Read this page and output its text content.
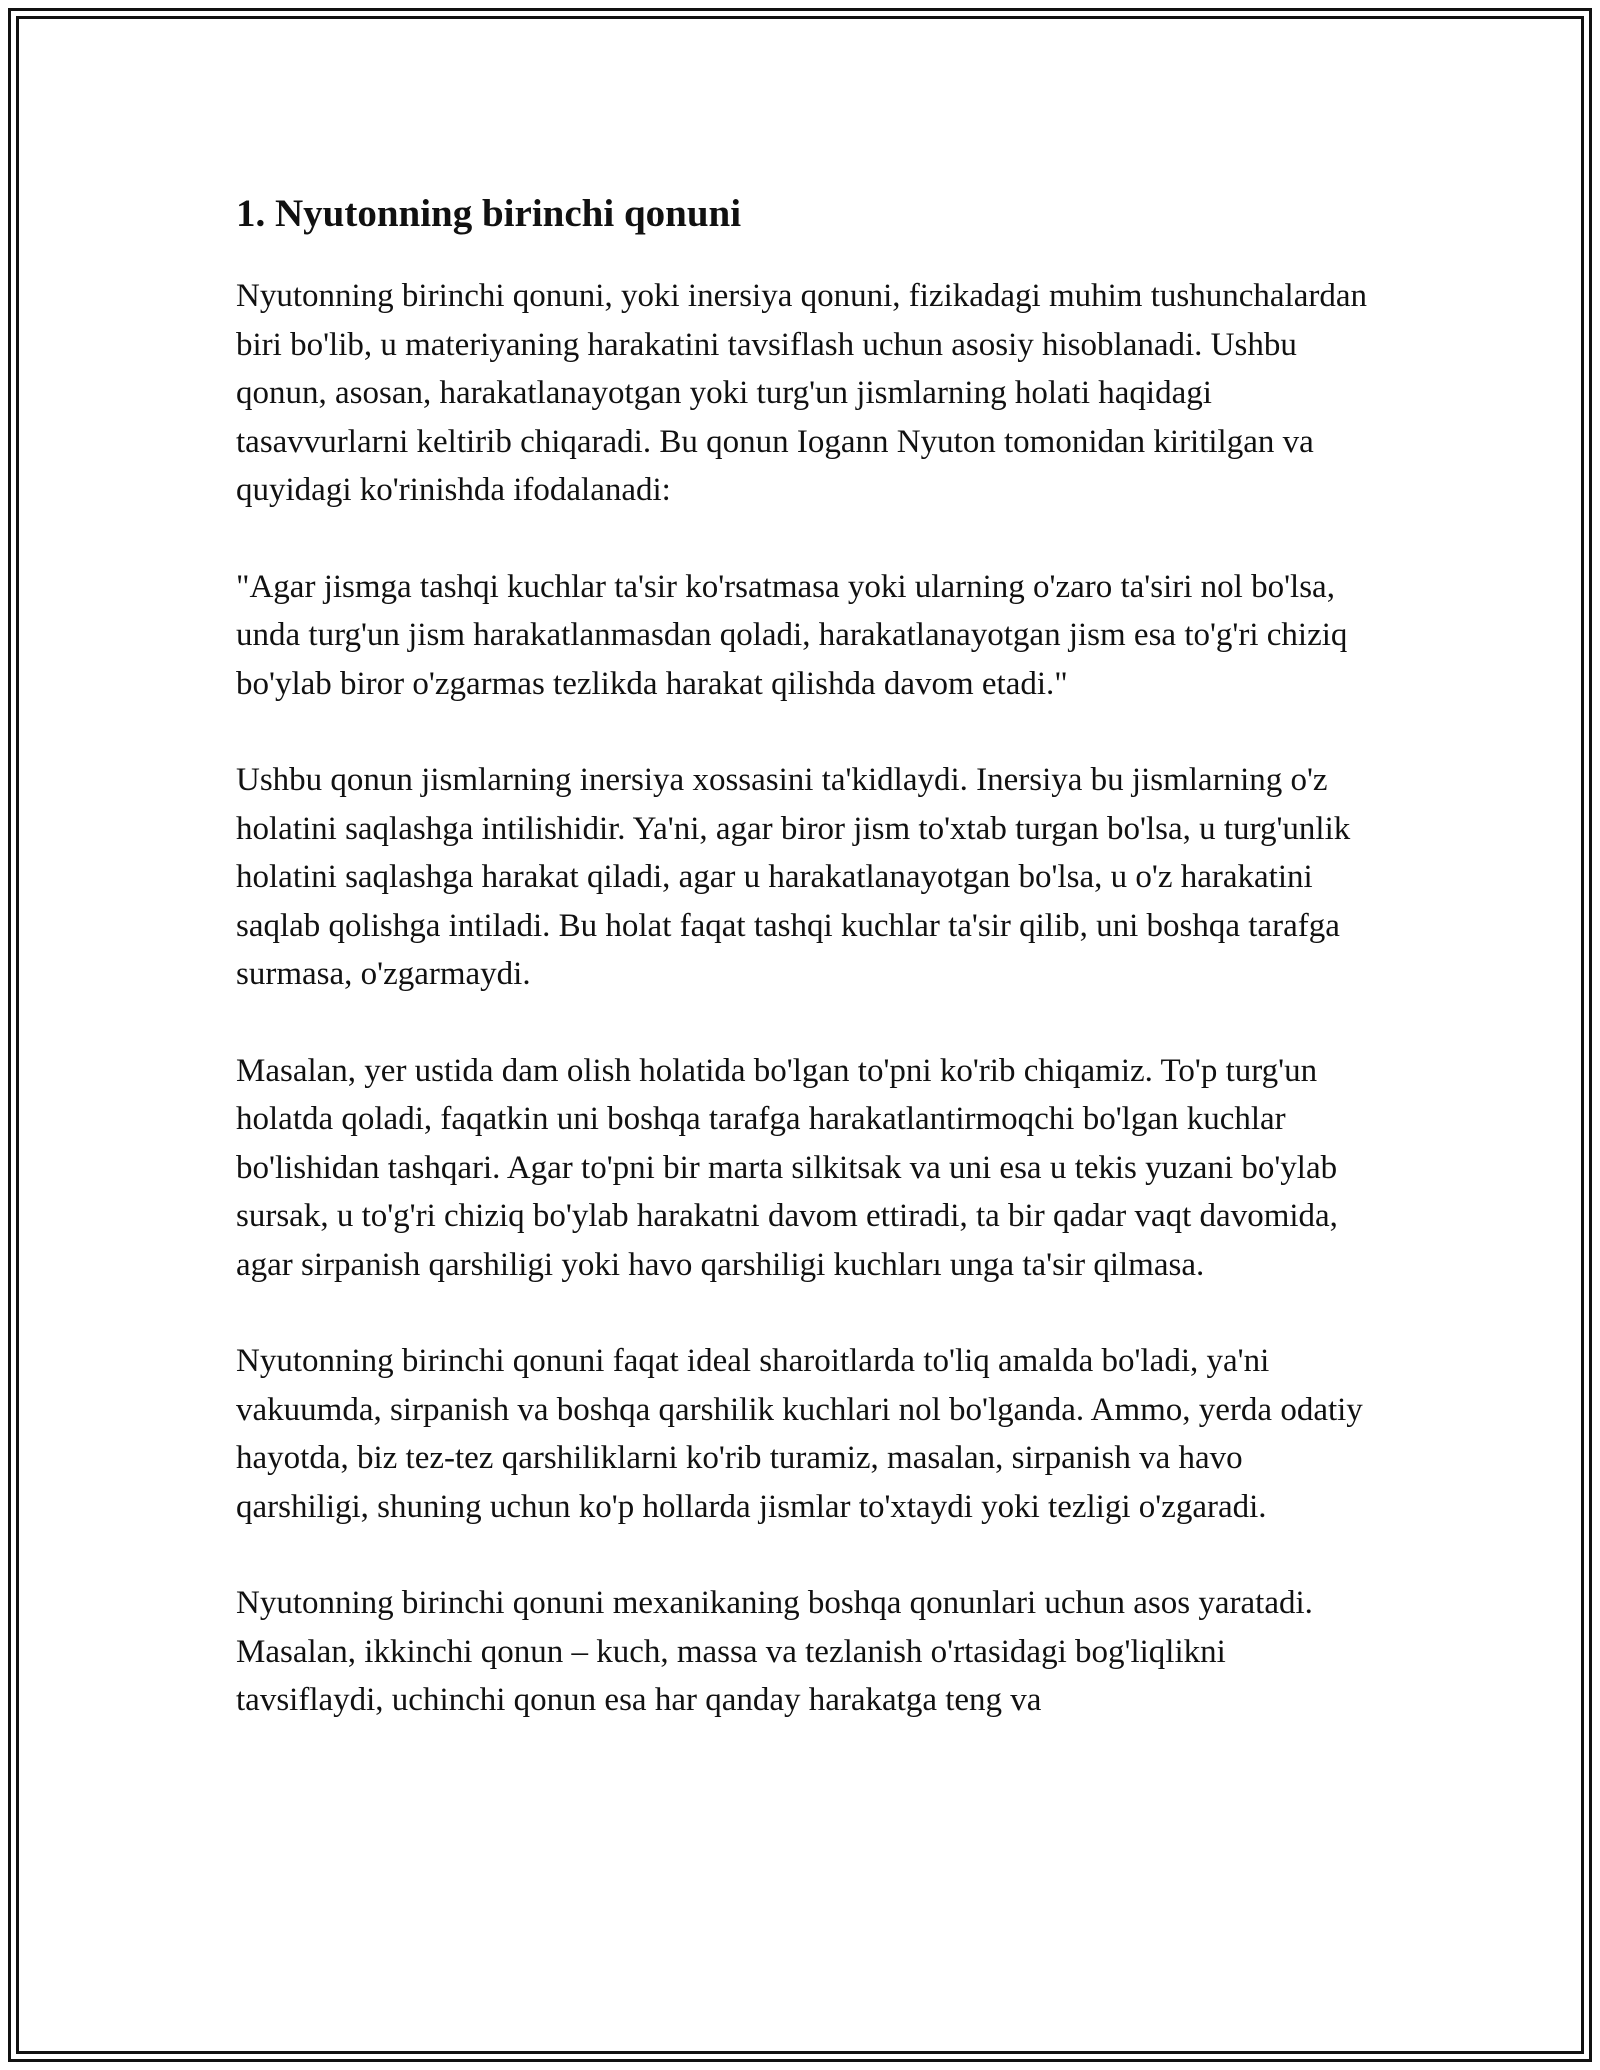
1. Nyutonning birinchi qonuni

Nyutonning birinchi qonuni, yoki inersiya qonuni, fizikadagi muhim tushunchalardan biri bo'lib, u materiyaning harakatini tavsiflash uchun asosiy hisoblanadi. Ushbu qonun, asosan, harakatlanayotgan yoki turg'un jismlarning holati haqidagi tasavvurlarni keltirib chiqaradi. Bu qonun Iogann Nyuton tomonidan kiritilgan va quyidagi ko'rinishda ifodalanadi:

"Agar jismga tashqi kuchlar ta'sir ko'rsatmasa yoki ularning o'zaro ta'siri nol bo'lsa, unda turg'un jism harakatlanmasdan qoladi, harakatlanayotgan jism esa to'g'ri chiziq bo'ylab biror o'zgarmas tezlikda harakat qilishda davom etadi."

Ushbu qonun jismlarning inersiya xossasini ta'kidlaydi. Inersiya bu jismlarning o'z holatini saqlashga intilishidir. Ya'ni, agar biror jism to'xtab turgan bo'lsa, u turg'unlik holatini saqlashga harakat qiladi, agar u harakatlanayotgan bo'lsa, u o'z harakatini saqlab qolishga intiladi. Bu holat faqat tashqi kuchlar ta'sir qilib, uni boshqa tarafga surmasa, o'zgarmaydi.

Masalan, yer ustida dam olish holatida bo'lgan to'pni ko'rib chiqamiz. To'p turg'un holatda qoladi, faqatkin uni boshqa tarafga harakatlantirmoqchi bo'lgan kuchlar bo'lishidan tashqari. Agar to'pni bir marta silkitsak va uni esa u tekis yuzani bo'ylab sursak, u to'g'ri chiziq bo'ylab harakatni davom ettiradi, ta bir qadar vaqt davomida, agar sirpanish qarshiligi yoki havo qarshiligi kuchları unga ta'sir qilmasa.

Nyutonning birinchi qonuni faqat ideal sharoitlarda to'liq amalda bo'ladi, ya'ni vakuumda, sirpanish va boshqa qarshilik kuchlari nol bo'lganda. Ammo, yerda odatiy hayotda, biz tez-tez qarshiliklarni ko'rib turamiz, masalan, sirpanish va havo qarshiligi, shuning uchun ko'p hollarda jismlar to'xtaydi yoki tezligi o'zgaradi.

Nyutonning birinchi qonuni mexanikaning boshqa qonunlari uchun asos yaratadi. Masalan, ikkinchi qonun – kuch, massa va tezlanish o'rtasidagi bog'liqlikni tavsiflaydi, uchinchi qonun esa har qanday harakatga teng va
